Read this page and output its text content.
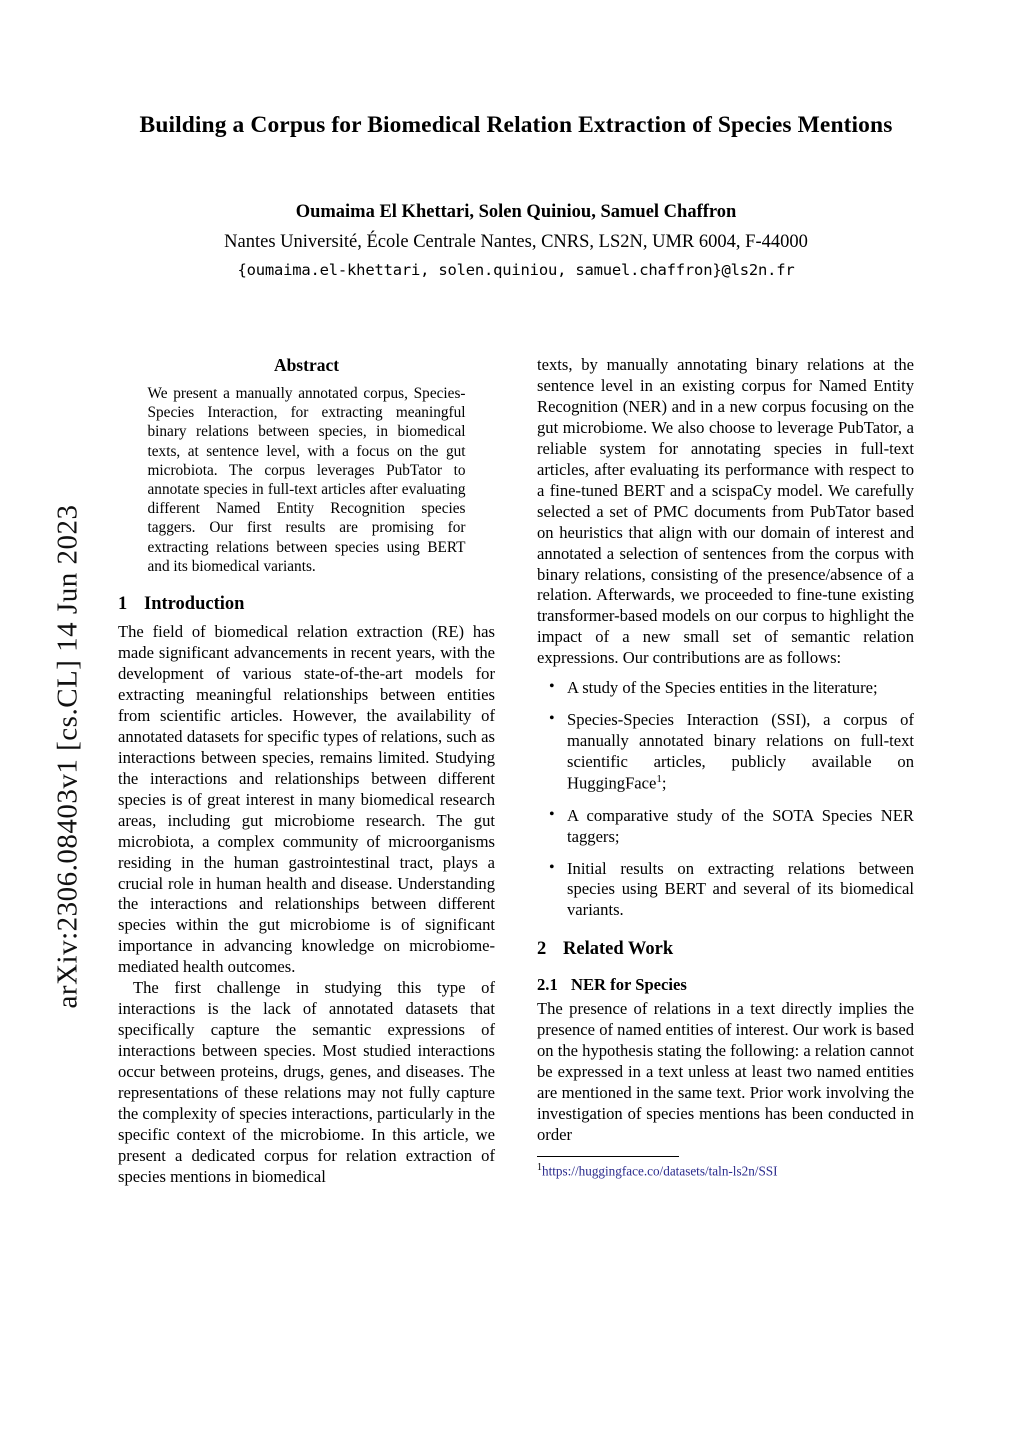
arXiv:2306.08403v1 [cs.CL] 14 Jun 2023
Building a Corpus for Biomedical Relation Extraction of Species Mentions
Oumaima El Khettari, Solen Quiniou, Samuel Chaffron
Nantes Université, École Centrale Nantes, CNRS, LS2N, UMR 6004, F-44000
{oumaima.el-khettari, solen.quiniou, samuel.chaffron}@ls2n.fr
Abstract
We present a manually annotated corpus, Species-Species Interaction, for extracting meaningful binary relations between species, in biomedical texts, at sentence level, with a focus on the gut microbiota. The corpus leverages PubTator to annotate species in full-text articles after evaluating different Named Entity Recognition species taggers. Our first results are promising for extracting relations between species using BERT and its biomedical variants.
1 Introduction

The field of biomedical relation extraction (RE) has made significant advancements in recent years, with the development of various state-of-the-art models for extracting meaningful relationships between entities from scientific articles. However, the availability of annotated datasets for specific types of relations, such as interactions between species, remains limited. Studying the interactions and relationships between different species is of great interest in many biomedical research areas, including gut microbiome research. The gut microbiota, a complex community of microorganisms residing in the human gastrointestinal tract, plays a crucial role in human health and disease. Understanding the interactions and relationships between different species within the gut microbiome is of significant importance in advancing knowledge on microbiome-mediated health outcomes.

The first challenge in studying this type of interactions is the lack of annotated datasets that specifically capture the semantic expressions of interactions between species. Most studied interactions occur between proteins, drugs, genes, and diseases. The representations of these relations may not fully capture the complexity of species interactions, particularly in the specific context of the microbiome. In this article, we present a dedicated corpus for relation extraction of species mentions in biomedical

texts, by manually annotating binary relations at the sentence level in an existing corpus for Named Entity Recognition (NER) and in a new corpus focusing on the gut microbiome. We also choose to leverage PubTator, a reliable system for annotating species in full-text articles, after evaluating its performance with respect to a fine-tuned BERT and a scispaCy model. We carefully selected a set of PMC documents from PubTator based on heuristics that align with our domain of interest and annotated a selection of sentences from the corpus with binary relations, consisting of the presence/absence of a relation. Afterwards, we proceeded to fine-tune existing transformer-based models on our corpus to highlight the impact of a new small set of semantic relation expressions. Our contributions are as follows:

• A study of the Species entities in the literature;
• Species-Species Interaction (SSI), a corpus of manually annotated binary relations on full-text scientific articles, publicly available on HuggingFace$^1$;
• A comparative study of the SOTA Species NER taggers;
• Initial results on extracting relations between species using BERT and several of its biomedical variants.
2 Related Work
2.1 NER for Species

The presence of relations in a text directly implies the presence of named entities of interest. Our work is based on the hypothesis stating the following: a relation cannot be expressed in a text unless at least two named entities are mentioned in the same text. Prior work involving the investigation of species mentions has been conducted in order

$^1$https://huggingface.co/datasets/taln-ls2n/SSI
